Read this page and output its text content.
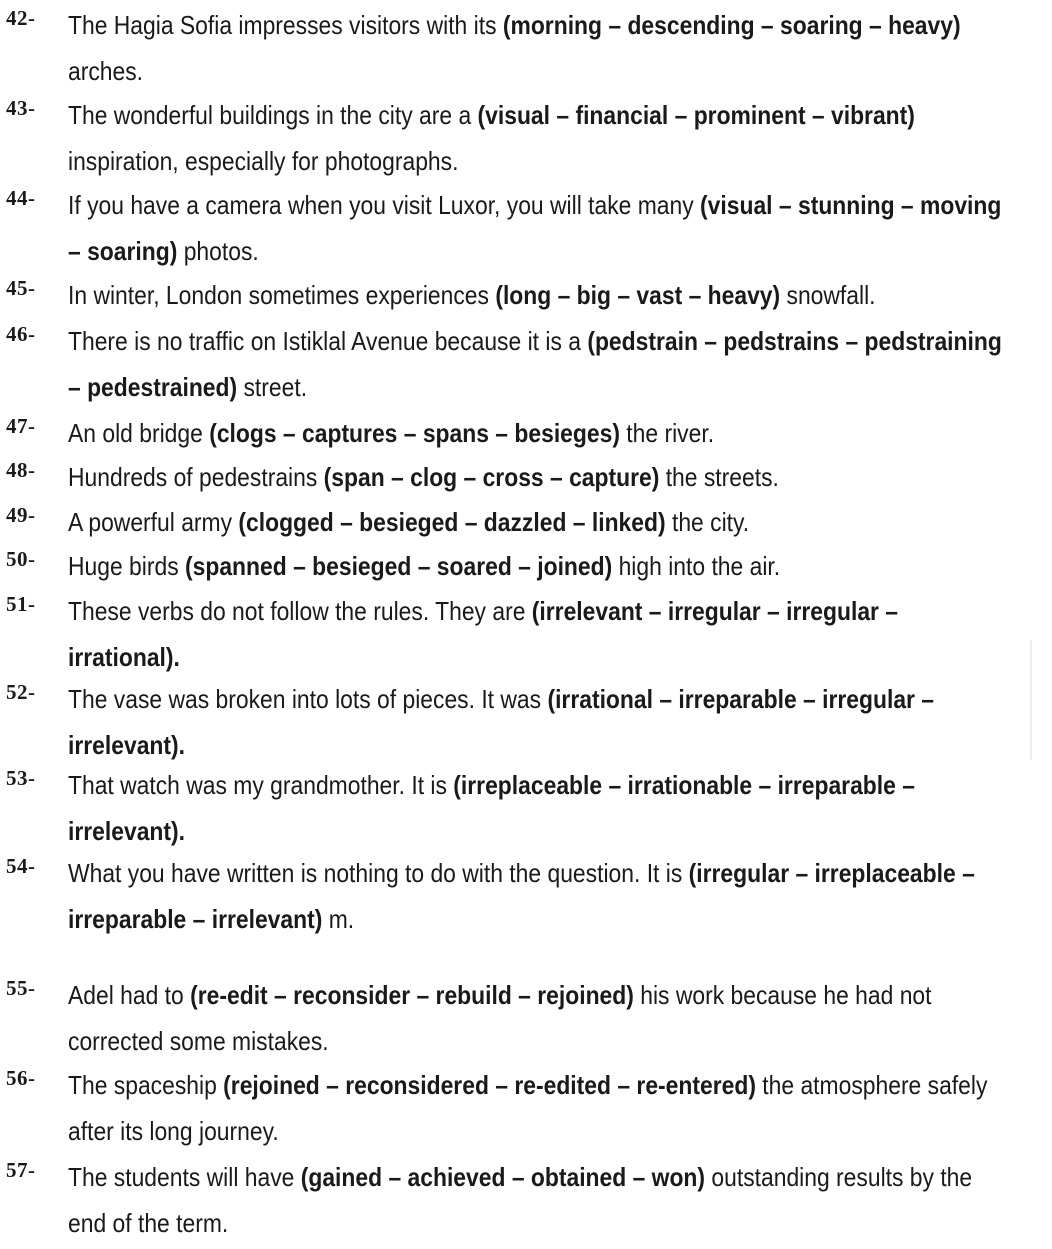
42- The Hagia Sofia impresses visitors with its (morning – descending – soaring – heavy) arches.
43- The wonderful buildings in the city are a (visual – financial – prominent – vibrant) inspiration, especially for photographs.
44- If you have a camera when you visit Luxor, you will take many (visual – stunning – moving – soaring) photos.
45- In winter, London sometimes experiences (long – big – vast – heavy) snowfall.
46- There is no traffic on Istiklal Avenue because it is a (pedstrain – pedstrains – pedstraining – pedestrained) street.
47- An old bridge (clogs – captures – spans – besieges) the river.
48- Hundreds of pedestrains (span – clog – cross – capture) the streets.
49- A powerful army (clogged – besieged – dazzled – linked) the city.
50- Huge birds (spanned – besieged – soared – joined) high into the air.
51- These verbs do not follow the rules. They are (irrelevant – irregular – irregular – irrational).
52- The vase was broken into lots of pieces. It was (irrational – irreparable – irregular – irrelevant).
53- That watch was my grandmother. It is (irreplaceable – irrationable – irreparable – irrelevant).
54- What you have written is nothing to do with the question. It is (irregular – irreplaceable – irreparable – irrelevant) m.
55- Adel had to (re-edit – reconsider – rebuild – rejoined) his work because he had not corrected some mistakes.
56- The spaceship (rejoined – reconsidered – re-edited – re-entered) the atmosphere safely after its long journey.
57- The students will have (gained – achieved – obtained – won) outstanding results by the end of the term.
